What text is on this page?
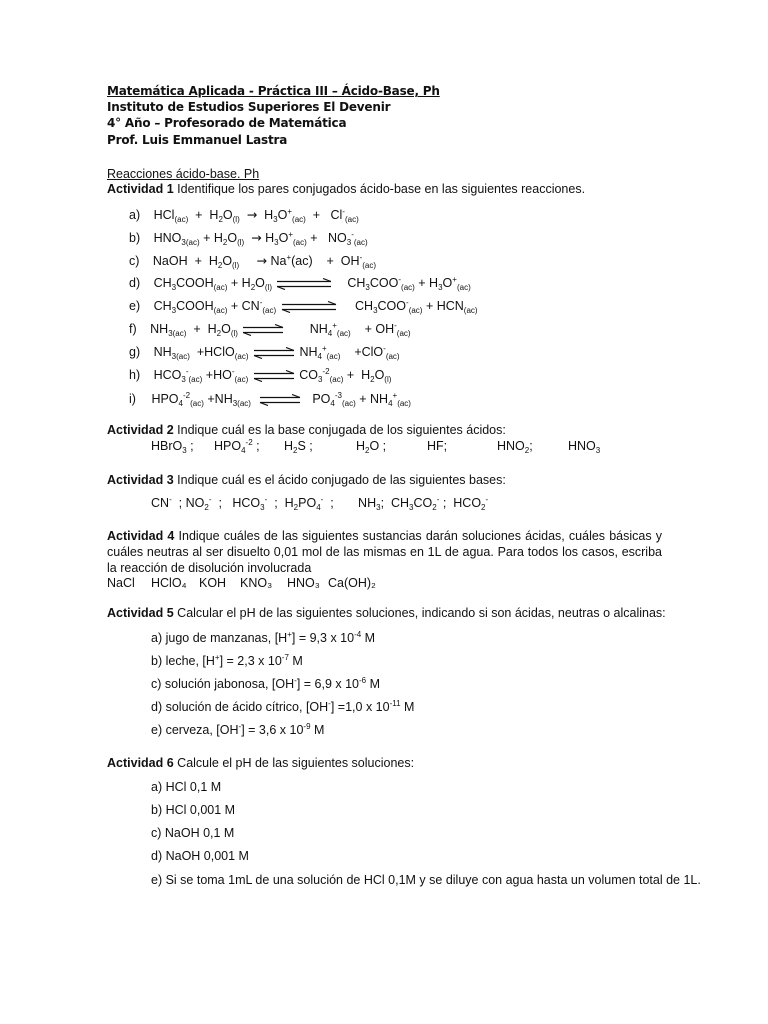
Matemática Aplicada - Práctica III – Ácido-Base, Ph
Instituto de Estudios Superiores El Devenir
4° Año – Profesorado de Matemática
Prof. Luis Emmanuel Lastra
Reacciones ácido-base. Ph
Actividad 1 Identifique los pares conjugados ácido-base en las siguientes reacciones.
a) $HCl_{(ac)} + H_2O_{(l)} \to H_3O^+_{(ac)} + Cl^-_{(ac)}$
b) $HNO_{3(ac)} + H_2O_{(l)} \to H_3O^+_{(ac)} + NO_3^-_{(ac)}$
c) NaOH  +  $H_2O_{(l)} \to Na^+(ac)$    +  $OH^-_{(ac)}$
d) $CH_3COOH_{(ac)} + H_2O_{(l)}$	$CH_3COO^-_{(ac)} + H_3O^+_{(ac)}$
e) $CH_3COOH_{(ac)} + CN^-_{(ac)}$	$CH_3COO^-_{(ac)} + HCN_{(ac)}$
f) $NH_{3(ac)} + H_2O_{(l)}$ ⇌ $NH_4^+_{(ac)}$    + $OH^-_{(ac)}$
g) $NH_{3(ac)}$  +HClO$_{(ac)}$ ⇌ $NH_4^+_{(ac)}$    +ClO-$_{(ac)}$
h) $HCO_3^-_{(ac)} +HO^-_{(ac)}$ ⇌ $CO_3^{-2}_{(ac)} + H_2O_{(l)}$
i) $HPO_4^{-2}_{(ac)} +NH_{3(ac)}$ ⇌ $PO_4^{-3}_{(ac)} + NH_4^+_{(ac)}$
Actividad 2 Indique cuál es la base conjugada de los siguientes ácidos:
HBrO$_3$ ; $HPO_4^{-2}$ ; $H_2S$ ;	$H_2O$ ;	HF;	$HNO_2$;	$HNO_3$
Actividad 3 Indique cuál es el ácido conjugado de las siguientes bases:
CN-  ; $NO_2^-$  ;   $HCO_3^-$  ;  $H_2PO_4^-$  ;       $NH_3$;  $CH_3CO_2^-$ ;  $HCO_2^-$
Actividad 4 Indique cuáles de las siguientes sustancias darán soluciones ácidas, cuáles básicas y cuáles neutras al ser disuelto 0,01 mol de las mismas en 1L de agua. Para todos los casos, escriba la reacción de disolución involucrada
NaCl HClO₄ KOH KNO₃ HNO₃ Ca(OH)₂
Actividad 5 Calcular el pH de las siguientes soluciones, indicando si son ácidas, neutras o alcalinas:
a) jugo de manzanas, [H+] = 9,3 x $10^{-4}$ M
b) leche, [H+] = 2,3 x $10^{-7}$ M
c) solución jabonosa, [OH-] = 6,9 x $10^{-6}$ M
d) solución de ácido cítrico, [OH-] =1,0 x $10^{-11}$ M
e) cerveza, [OH-] = 3,6 x $10^{-9}$ M
Actividad 6 Calcule el pH de las siguientes soluciones:
a) HCl 0,1 M
b) HCl 0,001 M
c) NaOH 0,1 M
d) NaOH 0,001 M
e) Si se toma 1mL de una solución de HCl 0,1M y se diluye con agua hasta un volumen total de 1L.
